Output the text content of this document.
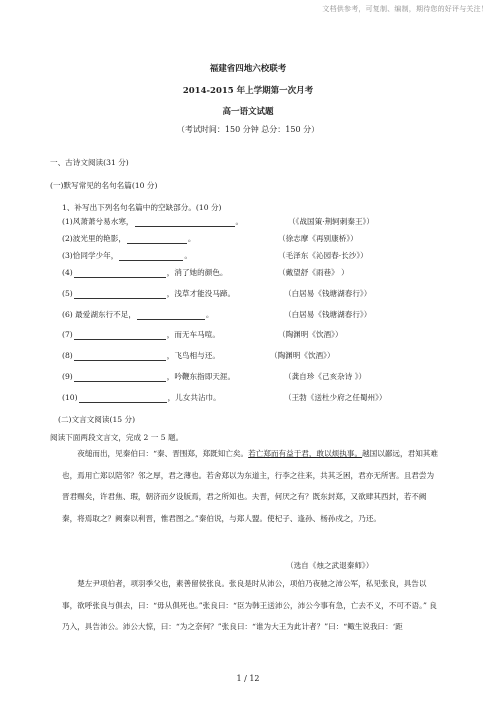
文档供参考，可复制、编制，期待您的好评与关注！
福建省四地六校联考
2014-2015 年上学期第一次月考
高一语文试题
（考试时间：150 分钟 总分：150 分）
一、古诗文阅读(31 分)
(一)默写常见的名句名篇(10 分)
1、补写出下列名句名篇中的空缺部分。(10 分)
(1)风萧萧兮易水寒，	。	（《战国策·荆轲刺秦王》）
(2)波光里的艳影，	。	（徐志摩《再别康桥》）
(3)恰同学少年，	。	（毛泽东《沁园春·长沙》）
(4)	，消了她的颜色。	（戴望舒《雨巷》 ）
(5)	，浅草才能没马蹄。	（白居易《钱塘湖春行》）
(6) 最爱湖东行不足，	。	（白居易《钱塘湖春行》）
(7)	，而无车马喧。	（陶渊明《饮酒》）
(8)	，飞鸟相与还。	（陶渊明《饮酒》）
(9)	，吟鞭东指即天涯。	（龚自珍《己亥杂诗 》）
(10)	，儿女共沾巾。	（王勃《送杜少府之任蜀州》）
(二)文言文阅读(15 分)
阅读下面两段文言文，完成 2 一 5 题。

夜缒而出，见秦伯曰：“秦、晋围郑，郑既知亡矣。若亡郑而有益于君，敢以烦执事。越国以鄙远，君知其难也，焉用亡郑以陪邻？邻之厚，君之薄也。若舍郑以为东道主，行李之往来，共其乏困，君亦无所害。且君尝为晋君赐矣，许君焦、瑕，朝济而夕设版焉，君之所知也。夫晋，何厌之有？既东封郑，又欲肆其西封，若不阙秦，将焉取之？阙秦以利晋，惟君图之。”秦伯说，与郑人盟。使杞子、逢孙、杨孙戍之，乃还。

（选自《烛之武退秦师》）

楚左尹项伯者，项羽季父也，素善留侯张良。张良是时从沛公，项伯乃夜驰之沛公军，私见张良，具告以事，欲呼张良与俱去，曰：“毋从俱死也。”张良曰：“臣为韩王送沛公，沛公今事有急，亡去不义，不可不语。” 良乃入，具告沛公。沛公大惊，曰：“为之奈何？”张良曰：“谁为大王为此计者？”曰：“鲰生说我曰：‘距

1 / 12
